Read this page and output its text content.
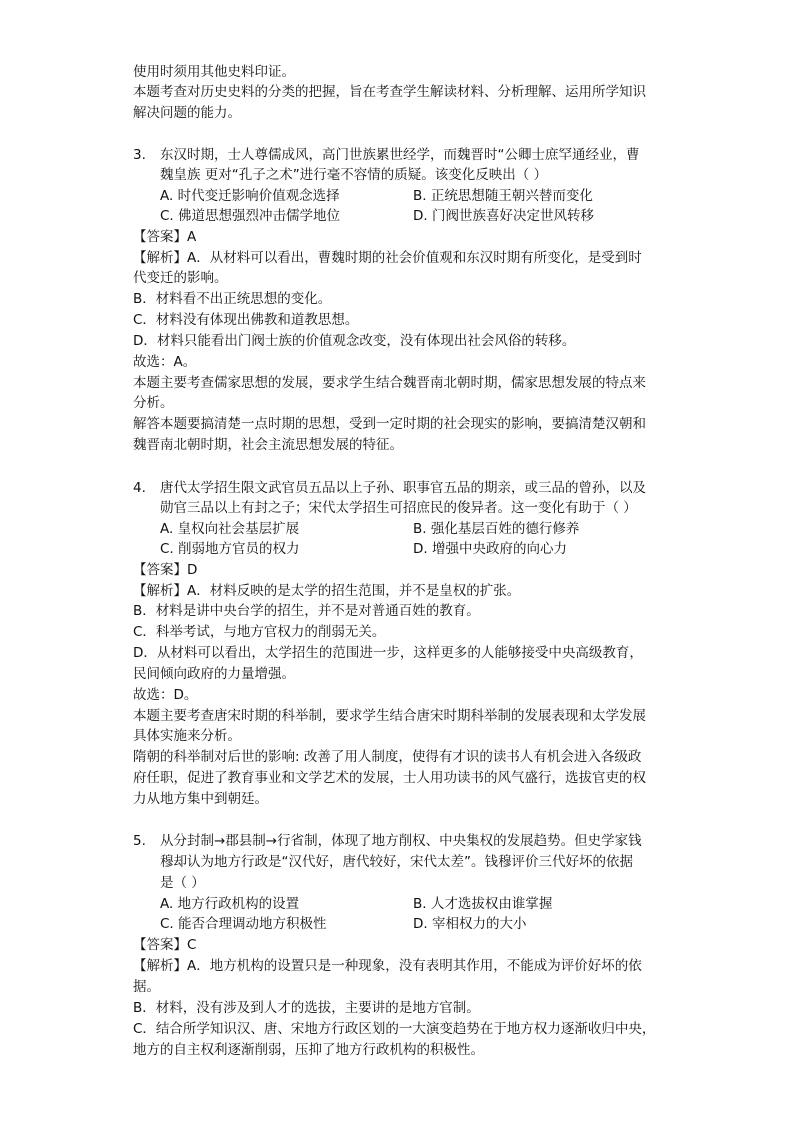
使用时须用其他史料印证。
本题考查对历史史料的分类的把握，旨在考查学生解读材料、分析理解、运用所学知识
解决问题的能力。
3. 东汉时期，士人尊儒成风，高门世族累世经学，而魏晋时“公卿士庶罕通经业，曹
魏皇族 更对“孔子之术”进行毫不容情的质疑。该变化反映出（ ）
A. 时代变迁影响价值观念选择	B. 正统思想随王朝兴替而变化
C. 佛道思想强烈冲击儒学地位	D. 门阀世族喜好决定世风转移
【答案】A
【解析】A．从材料可以看出，曹魏时期的社会价值观和东汉时期有所变化，是受到时
代变迁的影响。
B．材料看不出正统思想的变化。
C．材料没有体现出佛教和道教思想。
D．材料只能看出门阀士族的价值观念改变，没有体现出社会风俗的转移。
故选：A。
本题主要考查儒家思想的发展，要求学生结合魏晋南北朝时期，儒家思想发展的特点来
分析。
解答本题要搞清楚一点时期的思想，受到一定时期的社会现实的影响，要搞清楚汉朝和
魏晋南北朝时期，社会主流思想发展的特征。
4. 唐代太学招生限文武官员五品以上子孙、职事官五品的期亲，或三品的曾孙，以及
勋官三品以上有封之子；宋代太学招生可招庶民的俊异者。这一变化有助于（ ）
A. 皇权向社会基层扩展	B. 强化基层百姓的德行修养
C. 削弱地方官员的权力	D. 增强中央政府的向心力
【答案】D
【解析】A．材料反映的是太学的招生范围，并不是皇权的扩张。
B．材料是讲中央台学的招生，并不是对普通百姓的教育。
C．科举考试，与地方官权力的削弱无关。
D．从材料可以看出，太学招生的范围进一步，这样更多的人能够接受中央高级教育，
民间倾向政府的力量增强。
故选：D。
本题主要考查唐宋时期的科举制，要求学生结合唐宋时期科举制的发展表现和太学发展
具体实施来分析。
隋朝的科举制对后世的影响: 改善了用人制度，使得有才识的读书人有机会进入各级政
府任职，促进了教育事业和文学艺术的发展，士人用功读书的风气盛行，选拔官吏的权
力从地方集中到朝廷。
5. 从分封制→郡县制→行省制，体现了地方削权、中央集权的发展趋势。但史学家钱
穆却认为地方行政是“汉代好，唐代较好，宋代太差”。钱穆评价三代好坏的依据
是（ ）
A. 地方行政机构的设置	B. 人才选拔权由谁掌握
C. 能否合理调动地方积极性	D. 宰相权力的大小
【答案】C
【解析】A．地方机构的设置只是一种现象，没有表明其作用，不能成为评价好坏的依
据。
B．材料，没有涉及到人才的选拔，主要讲的是地方官制。
C．结合所学知识汉、唐、宋地方行政区划的一大演变趋势在于地方权力逐渐收归中央，
地方的自主权利逐渐削弱，压抑了地方行政机构的积极性。
